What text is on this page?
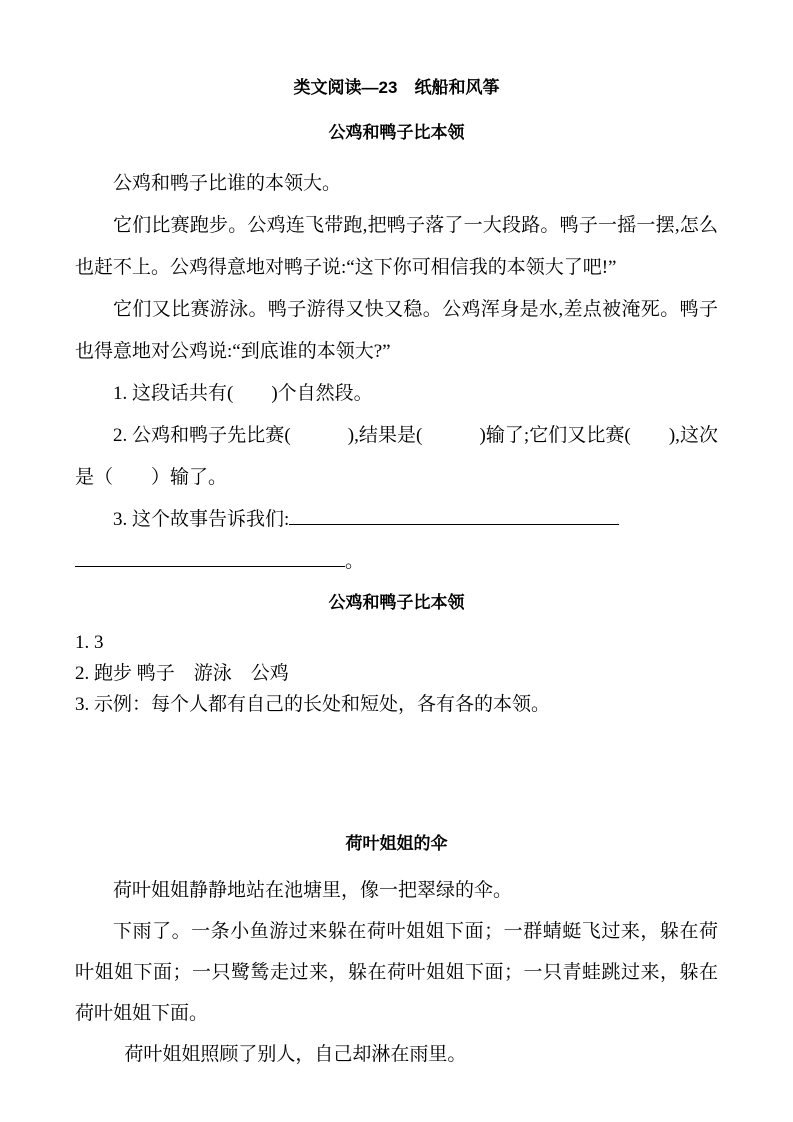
类文阅读—23　纸船和风筝
公鸡和鸭子比本领

公鸡和鸭子比谁的本领大。

它们比赛跑步。公鸡连飞带跑,把鸭子落了一大段路。鸭子一摇一摆,怎么也赶不上。公鸡得意地对鸭子说:“这下你可相信我的本领大了吧!”

它们又比赛游泳。鸭子游得又快又稳。公鸡浑身是水,差点被淹死。鸭子也得意地对公鸡说:“到底谁的本领大?”

1. 这段话共有(　　)个自然段。

2. 公鸡和鸭子先比赛(　　　),结果是(　　　)输了;它们又比赛(　　),这次是（　　）输了。

3. 这个故事告诉我们:

。

公鸡和鸭子比本领

1. 3

2. 跑步 鸭子　游泳　公鸡

3. 示例：每个人都有自己的长处和短处，各有各的本领。

荷叶姐姐的伞

荷叶姐姐静静地站在池塘里，像一把翠绿的伞。

下雨了。一条小鱼游过来躲在荷叶姐姐下面；一群蜻蜓飞过来，躲在荷叶姐姐下面；一只鹭鸶走过来，躲在荷叶姐姐下面；一只青蛙跳过来，躲在荷叶姐姐下面。

荷叶姐姐照顾了别人，自己却淋在雨里。
